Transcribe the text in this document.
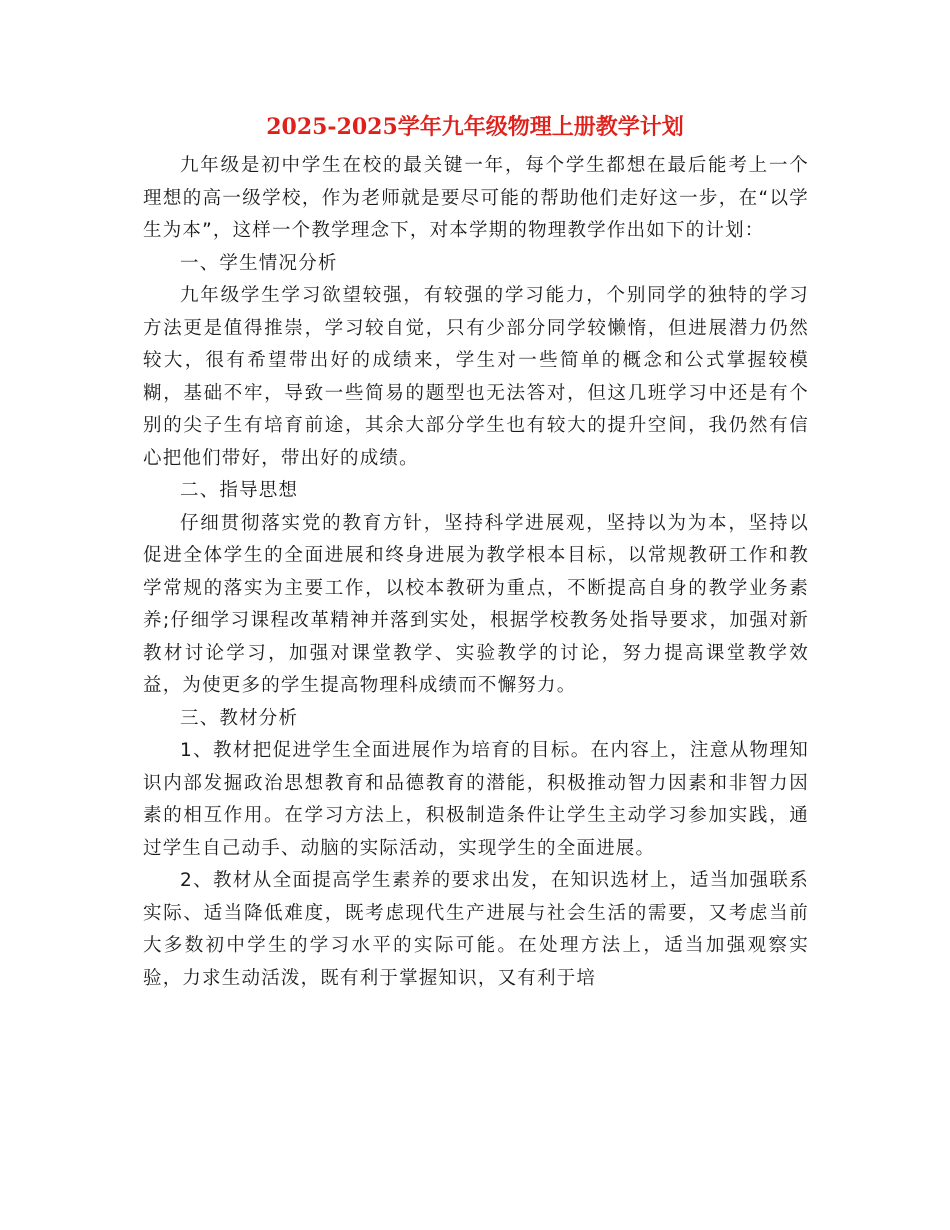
2025-2025学年九年级物理上册教学计划

九年级是初中学生在校的最关键一年，每个学生都想在最后能考上一个理想的高一级学校，作为老师就是要尽可能的帮助他们走好这一步，在“以学生为本”，这样一个教学理念下，对本学期的物理教学作出如下的计划：

一、学生情况分析

九年级学生学习欲望较强，有较强的学习能力，个别同学的独特的学习方法更是值得推崇，学习较自觉，只有少部分同学较懒惰，但进展潜力仍然较大，很有希望带出好的成绩来，学生对一些简单的概念和公式掌握较模糊，基础不牢，导致一些简易的题型也无法答对，但这几班学习中还是有个别的尖子生有培育前途，其余大部分学生也有较大的提升空间，我仍然有信心把他们带好，带出好的成绩。

二、指导思想

仔细贯彻落实党的教育方针，坚持科学进展观，坚持以为为本，坚持以促进全体学生的全面进展和终身进展为教学根本目标，以常规教研工作和教学常规的落实为主要工作，以校本教研为重点，不断提高自身的教学业务素养;仔细学习课程改革精神并落到实处，根据学校教务处指导要求，加强对新教材讨论学习，加强对课堂教学、实验教学的讨论，努力提高课堂教学效益，为使更多的学生提高物理科成绩而不懈努力。

三、教材分析

1、教材把促进学生全面进展作为培育的目标。在内容上，注意从物理知识内部发掘政治思想教育和品德教育的潜能，积极推动智力因素和非智力因素的相互作用。在学习方法上，积极制造条件让学生主动学习参加实践，通过学生自己动手、动脑的实际活动，实现学生的全面进展。

2、教材从全面提高学生素养的要求出发，在知识选材上，适当加强联系实际、适当降低难度，既考虑现代生产进展与社会生活的需要，又考虑当前大多数初中学生的学习水平的实际可能。在处理方法上，适当加强观察实验，力求生动活泼，既有利于掌握知识，又有利于培
